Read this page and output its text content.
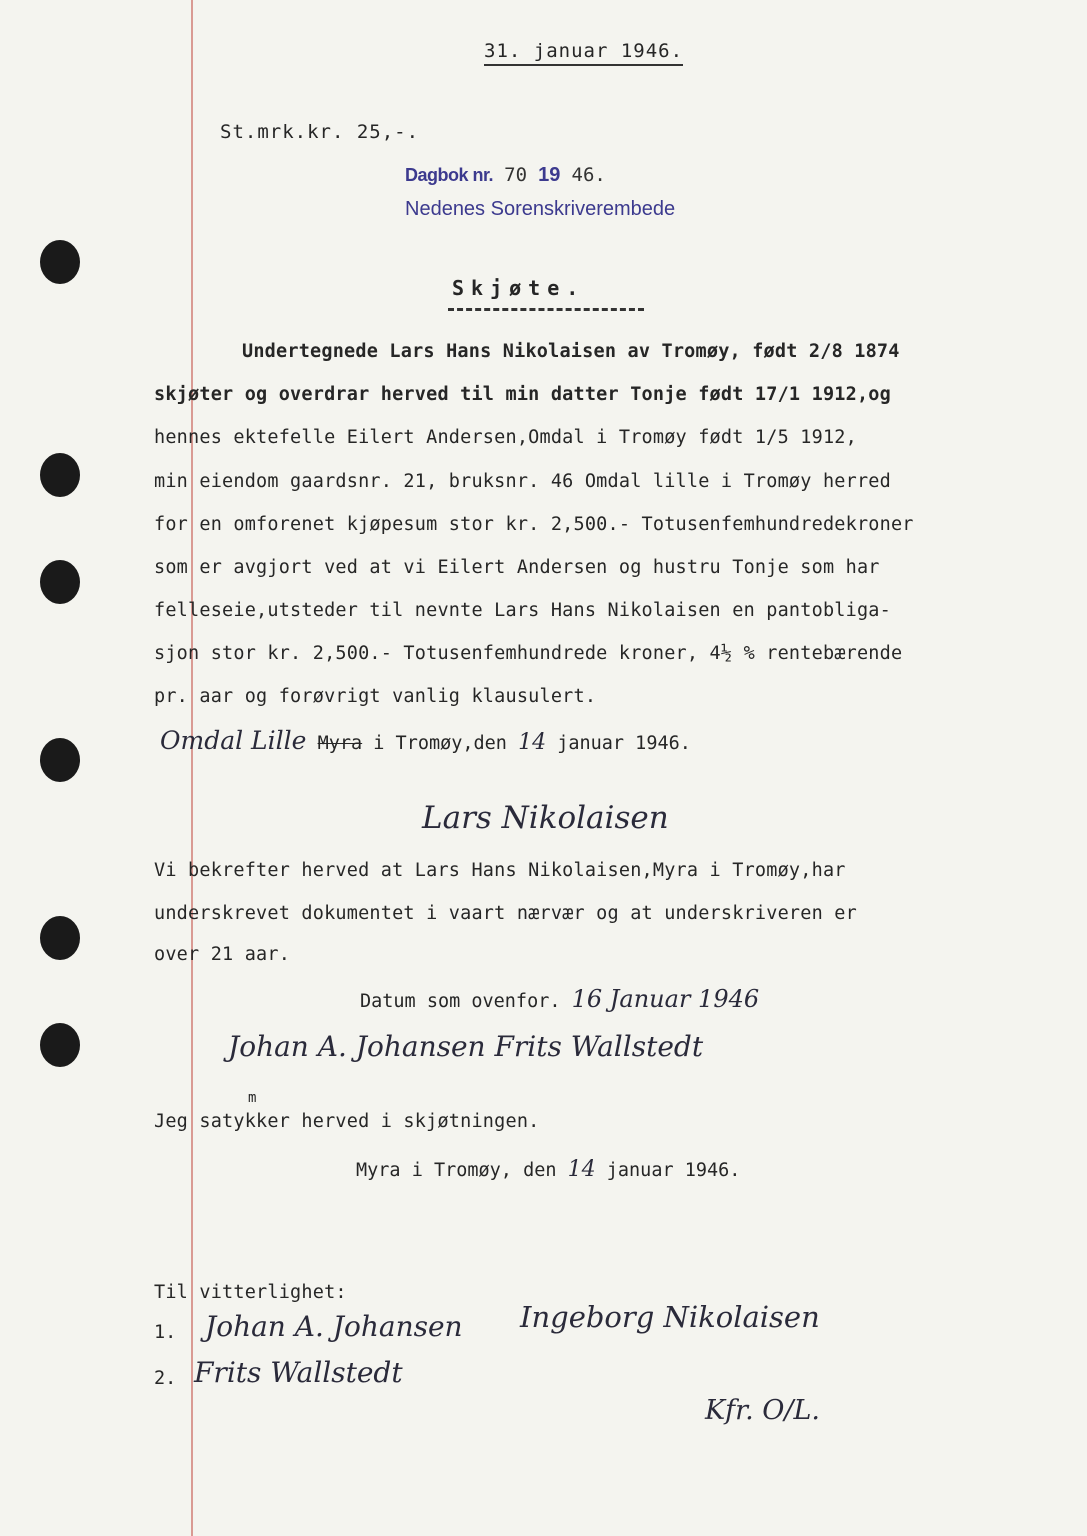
31. januar 1946.
St.mrk.kr. 25,-.
Dagbok nr. 70 19 46.
Nedenes Sorenskriverembede
Skjøte.
Undertegnede Lars Hans Nikolaisen av Tromøy, født 2/8 1874
skjøter og overdrar herved til min datter Tonje født 17/1 1912,og
hennes ektefelle Eilert Andersen,Omdal i Tromøy født 1/5 1912,
min eiendom gaardsnr. 21, bruksnr. 46 Omdal lille i Tromøy herred
for en omforenet kjøpesum stor kr. 2,500.- Totusenfemhundredekroner
som er avgjort ved at vi Eilert Andersen og hustru Tonje som har
felleseie,utsteder til nevnte Lars Hans Nikolaisen en pantobliga-
sjon stor kr. 2,500.- Totusenfemhundrede kroner, 4½ % rentebærende
pr. aar og forøvrigt vanlig klausulert.
Omdal Lille Myra i Tromøy,den 14 januar 1946.
Lars Nikolaisen
Vi bekrefter herved at Lars Hans Nikolaisen,Myra i Tromøy,har
underskrevet dokumentet i vaart nærvær og at underskriveren er
over 21 aar.
Datum som ovenfor. 16 Januar 1946
Johan A. Johansen Frits Wallstedt
m
Jeg satykker herved i skjøtningen.
Myra i Tromøy, den 14 januar 1946.
Til vitterlighet:
1. Johan A. Johansen
2. Frits Wallstedt
Ingeborg Nikolaisen
Kfr. O/L.
